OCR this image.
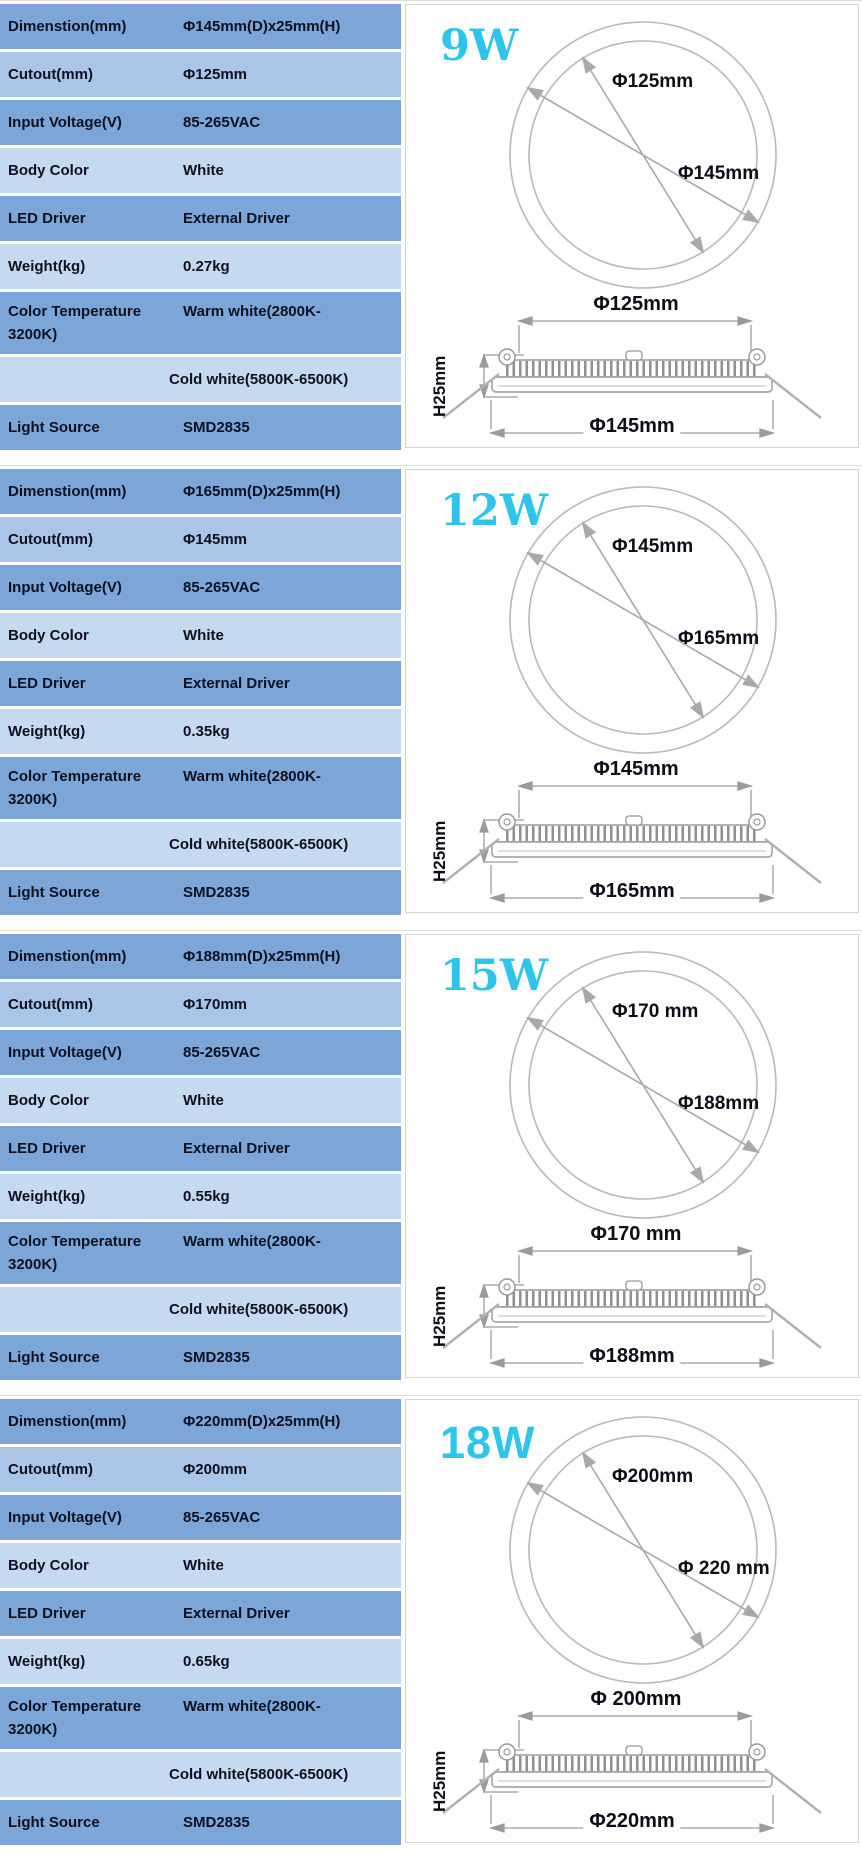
Dimenstion(mm)	Φ145mm(D)x25mm(H)
Cutout(mm)	Φ125mm
Input Voltage(V)	85-265VAC
Body Color	White
LED Driver	External Driver
Weight(kg)	0.27kg
Color Temperature	Warm white(2800K-
3200K)
Cold white(5800K-6500K)
Light Source	SMD2835
9W
Φ125mm
Φ145mm
Φ125mm
H25mm
Φ145mm
Dimenstion(mm)	Φ165mm(D)x25mm(H)
Cutout(mm)	Φ145mm
Input Voltage(V)	85-265VAC
Body Color	White
LED Driver	External Driver
Weight(kg)	0.35kg
Color Temperature	Warm white(2800K-
3200K)
Cold white(5800K-6500K)
Light Source	SMD2835
12W
Φ145mm
Φ165mm
Φ145mm
H25mm
Φ165mm
Dimenstion(mm)	Φ188mm(D)x25mm(H)
Cutout(mm)	Φ170mm
Input Voltage(V)	85-265VAC
Body Color	White
LED Driver	External Driver
Weight(kg)	0.55kg
Color Temperature	Warm white(2800K-
3200K)
Cold white(5800K-6500K)
Light Source	SMD2835
15W
Φ170 mm
Φ188mm
Φ170 mm
H25mm
Φ188mm
Dimenstion(mm)	Φ220mm(D)x25mm(H)
Cutout(mm)	Φ200mm
Input Voltage(V)	85-265VAC
Body Color	White
LED Driver	External Driver
Weight(kg)	0.65kg
Color Temperature	Warm white(2800K-
3200K)
Cold white(5800K-6500K)
Light Source	SMD2835
18W
Φ200mm
Φ 220 mm
Φ 200mm
H25mm
Φ220mm
